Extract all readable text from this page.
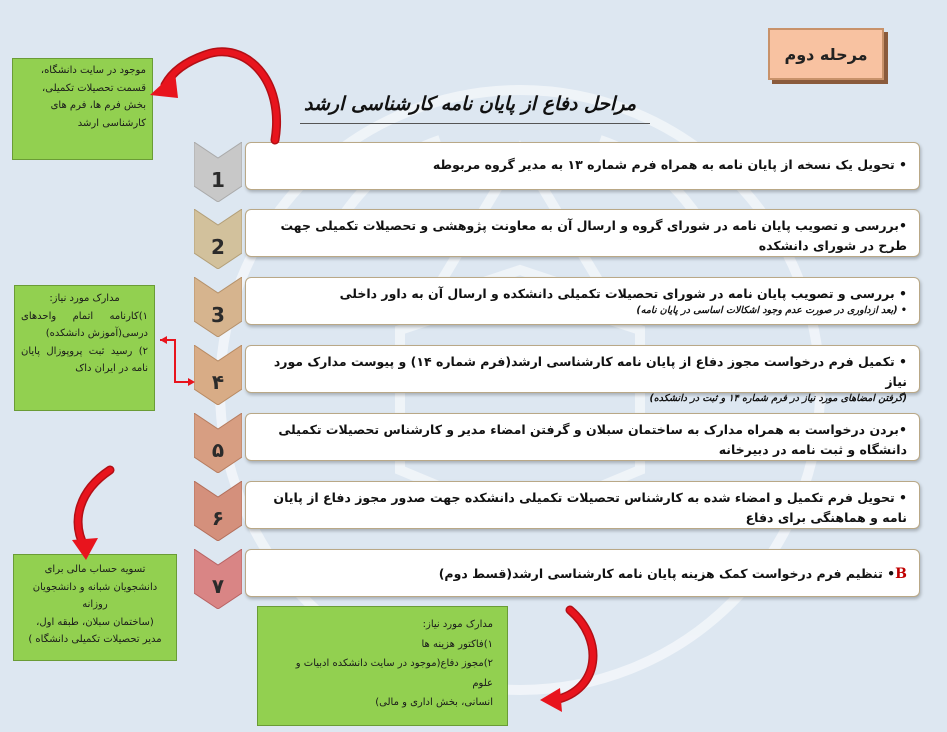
مرحله دوم
مراحل دفاع از پایان نامه کارشناسی ارشد
موجود در سایت دانشگاه،
قسمت تحصیلات تکمیلی،
بخش فرم ها، فرم های
کارشناسی ارشد
مدارک مورد نیاز:
۱)کارنامه اتمام واحدهای درسی(آموزش دانشکده)
۲) رسید ثبت پروپوزال پایان نامه در ایران داک
تسویه حساب مالی برای
دانشجویان شبانه و دانشجویان
روزانه
(ساختمان سبلان، طبقه اول،
مدیر تحصیلات تکمیلی دانشگاه )
مدارک مورد نیاز:
۱)فاکتور هزینه ها
۲)مجوز دفاع(موجود در سایت دانشکده ادبیات و علوم
انسانی، بخش اداری و مالی)
1
• تحویل یک نسخه از پایان نامه به همراه فرم شماره ۱۳ به مدیر گروه مربوطه
2
•بررسی و تصویب پایان نامه در شورای گروه و ارسال آن به معاونت پژوهشی و تحصیلات تکمیلی جهت طرح در شورای دانشکده
3
• بررسی و تصویب پایان نامه در شورای تحصیلات تکمیلی دانشکده و ارسال آن به داور داخلی
• (بعد ازداوری در صورت عدم وجود اشکالات اساسی در پایان نامه)
۴
• تکمیل فرم درخواست مجوز دفاع از پایان نامه کارشناسی ارشد(فرم شماره ۱۴) و پیوست مدارک مورد نیاز
(گرفتن امضاهای مورد نیاز در فرم شماره ۱۴ و ثبت در دانشکده)
۵
•بردن درخواست به همراه مدارک به ساختمان سبلان و گرفتن امضاء مدیر و کارشناس تحصیلات تکمیلی دانشگاه و ثبت نامه در دبیرخانه
۶
• تحویل فرم تکمیل و امضاء شده به کارشناس تحصیلات تکمیلی دانشکده جهت صدور مجوز دفاع از پایان نامه و هماهنگی برای دفاع
۷	B• تنظیم فرم درخواست کمک هزینه پایان نامه کارشناسی ارشد(قسط دوم)
